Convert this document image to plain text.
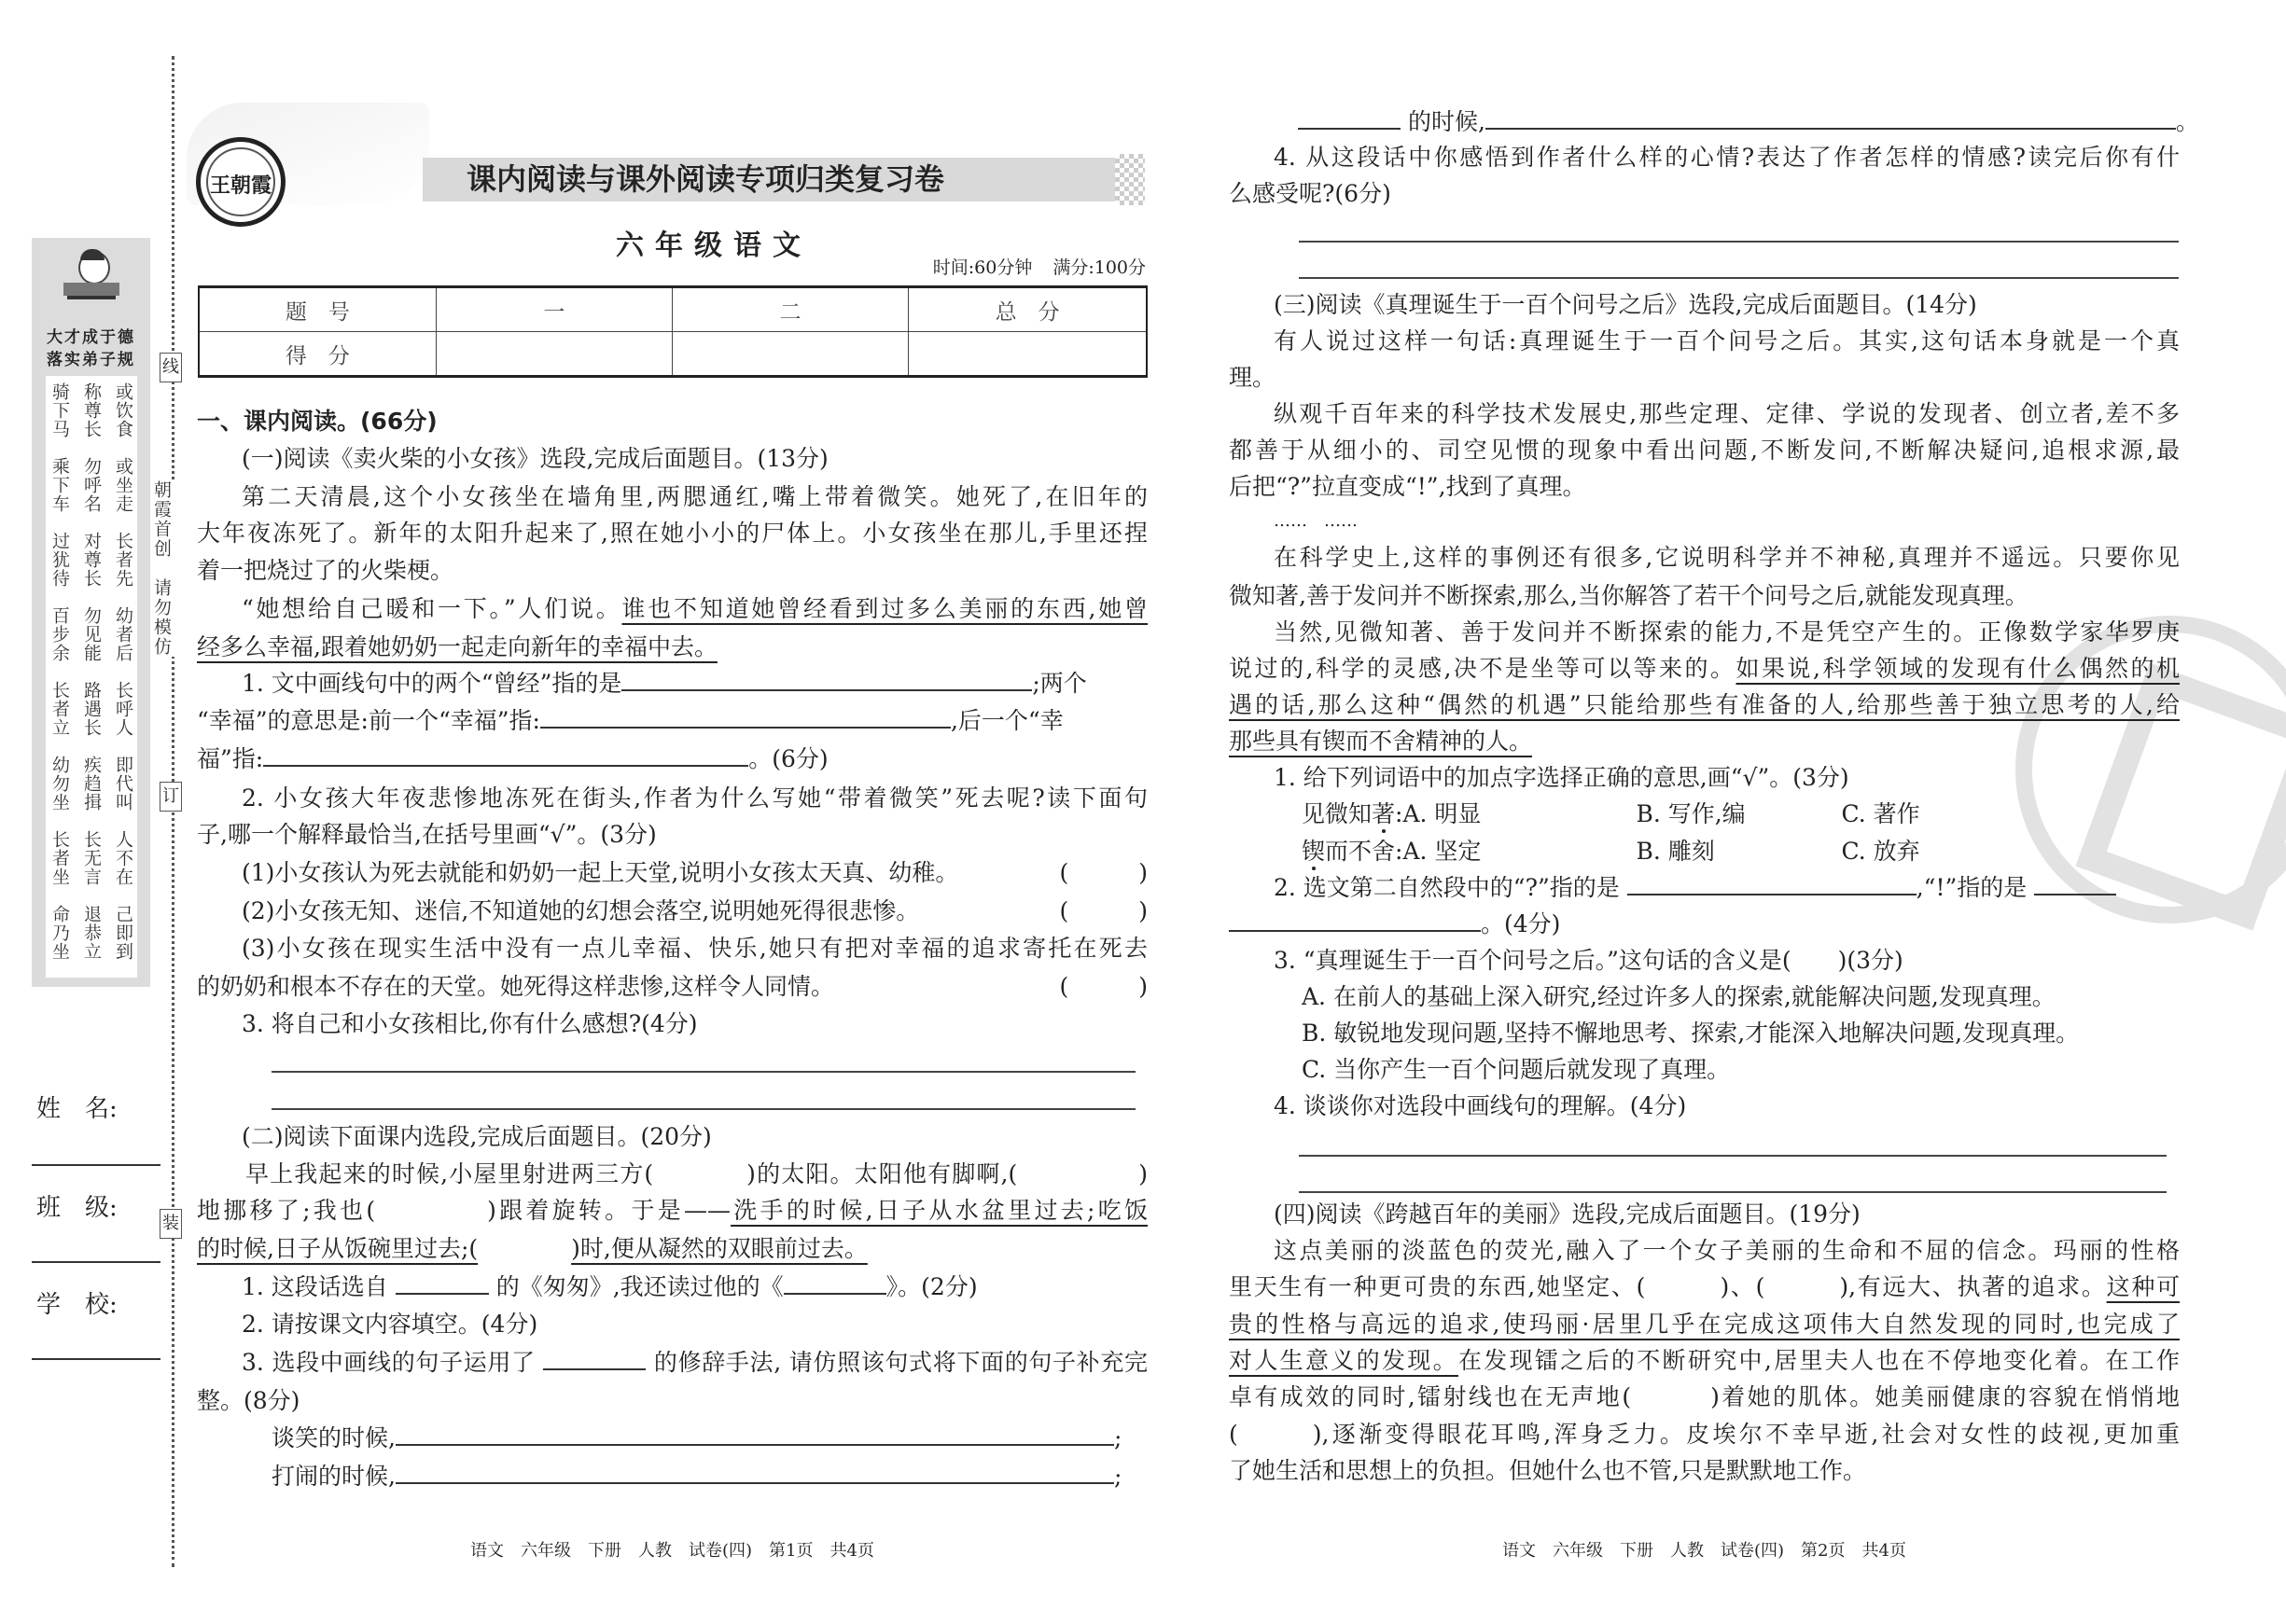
线
订
装
朝霞首创　请勿模仿
大才成于德
落实弟子规
骑下马 称尊长 或饮食
乘下车 勿呼名 或坐走
过犹待 对尊长 长者先
百步余 勿见能 幼者后
长者立 路遇长 长呼人
幼勿坐 疾趋揖 即代叫
长者坐 长无言 人不在
命乃坐 退恭立 己即到
姓　名:
班　级:
学　校:
王朝霞	课内阅读与课外阅读专项归类复习卷
六年级语文
时间:60分钟 满分:100分
题　号	一	二	总　分
得　分			
一、课内阅读。(66分)
(一)阅读《卖火柴的小女孩》选段,完成后面题目。(13分)
第二天清晨,这个小女孩坐在墙角里,两腮通红,嘴上带着微笑。她死了,在旧年的
大年夜冻死了。新年的太阳升起来了,照在她小小的尸体上。小女孩坐在那儿,手里还捏
着一把烧过了的火柴梗。
“她想给自己暖和一下。”人们说。谁也不知道她曾经看到过多么美丽的东西,她曾
经多么幸福,跟着她奶奶一起走向新年的幸福中去。
1. 文中画线句中的两个“曾经”指的是	;两个
“幸福”的意思是:前一个“幸福”指:	,后一个“幸
福”指:	。(6分)
2. 小女孩大年夜悲惨地冻死在街头,作者为什么写她“带着微笑”死去呢?读下面句
子,哪一个解释最恰当,在括号里画“√”。(3分)
(1)小女孩认为死去就能和奶奶一起上天堂,说明小女孩太天真、幼稚。	(　　　)
(2)小女孩无知、迷信,不知道她的幻想会落空,说明她死得很悲惨。	(　　　)
(3)小女孩在现实生活中没有一点儿幸福、快乐,她只有把对幸福的追求寄托在死去
的奶奶和根本不存在的天堂。她死得这样悲惨,这样令人同情。	(　　　)
3. 将自己和小女孩相比,你有什么感想?(4分)
(二)阅读下面课内选段,完成后面题目。(20分)
早上我起来的时候,小屋里射进两三方(	)的太阳。太阳他有脚啊,(	)
地挪移了;我也(	)跟着旋转。于是——洗手的时候,日子从水盆里过去;吃饭
的时候,日子从饭碗里过去;(	)时,便从凝然的双眼前过去。
1. 这段话选自	的《匆匆》,我还读过他的《	》。(2分)
2. 请按课文内容填空。(4分)
3. 选段中画线的句子运用了	的修辞手法, 请仿照该句式将下面的句子补充完
整。(8分)
谈笑的时候,	;
打闹的时候,	;
语文　六年级　下册　人教　试卷(四)　第1页　共4页
的时候,	。
4. 从这段话中你感悟到作者什么样的心情?表达了作者怎样的情感?读完后你有什
么感受呢?(6分)
(三)阅读《真理诞生于一百个问号之后》选段,完成后面题目。(14分)
有人说过这样一句话:真理诞生于一百个问号之后。其实,这句话本身就是一个真
理。
纵观千百年来的科学技术发展史,那些定理、定律、学说的发现者、创立者,差不多
都善于从细小的、司空见惯的现象中看出问题,不断发问,不断解决疑问,追根求源,最
后把“?”拉直变成“!”,找到了真理。
……　……
在科学史上,这样的事例还有很多,它说明科学并不神秘,真理并不遥远。只要你见
微知著,善于发问并不断探索,那么,当你解答了若干个问号之后,就能发现真理。
当然,见微知著、善于发问并不断探索的能力,不是凭空产生的。正像数学家华罗庚
说过的,科学的灵感,决不是坐等可以等来的。如果说,科学领域的发现有什么偶然的机
遇的话,那么这种“偶然的机遇”只能给那些有准备的人,给那些善于独立思考的人,给
那些具有锲而不舍精神的人。
1. 给下列词语中的加点字选择正确的意思,画“√”。(3分)
见微知著:A. 明显	B. 写作,编	C. 著作
锲而不舍:A. 坚定	B. 雕刻	C. 放弃
2. 选文第二自然段中的“?”指的是	,“!”指的是
。(4分)
3. “真理诞生于一百个问号之后。”这句话的含义是(　　)(3分)
A. 在前人的基础上深入研究,经过许多人的探索,就能解决问题,发现真理。
B. 敏锐地发现问题,坚持不懈地思考、探索,才能深入地解决问题,发现真理。
C. 当你产生一百个问题后就发现了真理。
4. 谈谈你对选段中画线句的理解。(4分)
(四)阅读《跨越百年的美丽》选段,完成后面题目。(19分)
这点美丽的淡蓝色的荧光,融入了一个女子美丽的生命和不屈的信念。玛丽的性格
里天生有一种更可贵的东西,她坚定、(	)、(	),有远大、执著的追求。这种可
贵的性格与高远的追求,使玛丽·居里几乎在完成这项伟大自然发现的同时,也完成了
对人生意义的发现。在发现镭之后的不断研究中,居里夫人也在不停地变化着。在工作
卓有成效的同时,镭射线也在无声地(	)着她的肌体。她美丽健康的容貌在悄悄地
(	),逐渐变得眼花耳鸣,浑身乏力。皮埃尔不幸早逝,社会对女性的歧视,更加重
了她生活和思想上的负担。但她什么也不管,只是默默地工作。
语文　六年级　下册　人教　试卷(四)　第2页　共4页
